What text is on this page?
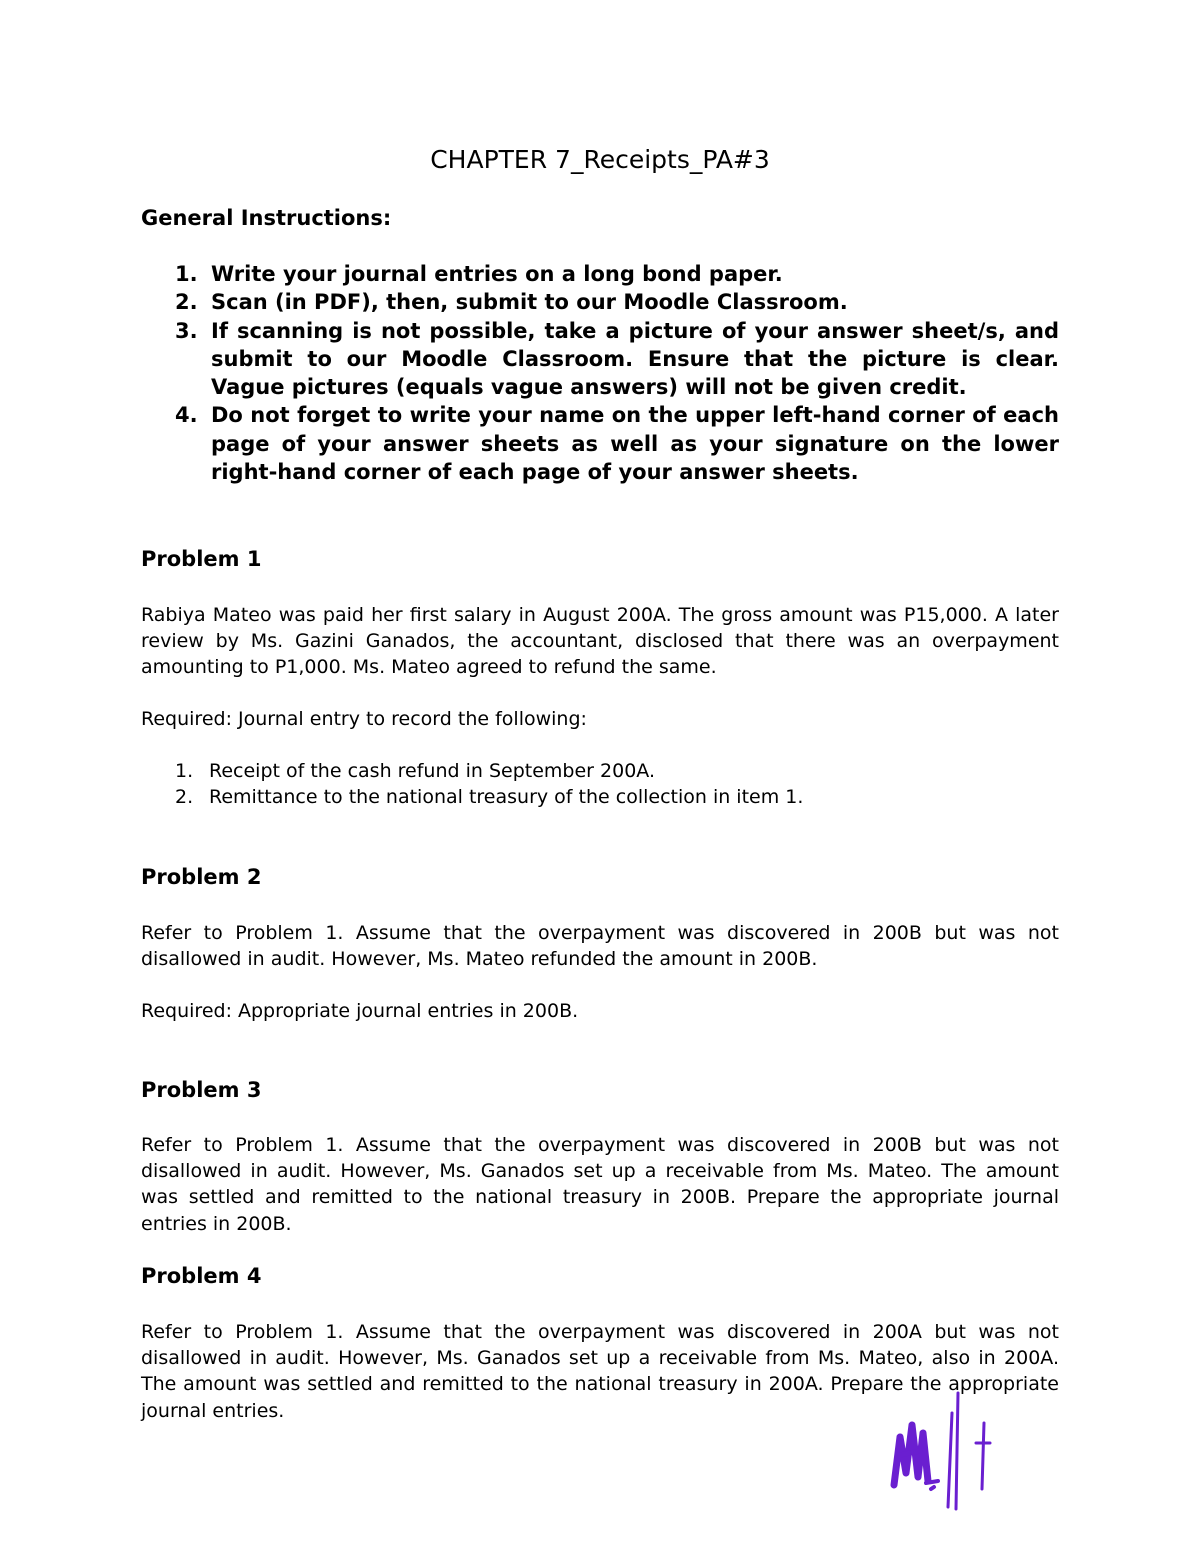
CHAPTER 7_Receipts_PA#3
General Instructions:
1. Write your journal entries on a long bond paper.
2. Scan (in PDF), then, submit to our Moodle Classroom.
3. If scanning is not possible, take a picture of your answer sheet/s, and submit to our Moodle Classroom. Ensure that the picture is clear. Vague pictures (equals vague answers) will not be given credit.
4. Do not forget to write your name on the upper left-hand corner of each page of your answer sheets as well as your signature on the lower right-hand corner of each page of your answer sheets.
Problem 1
Rabiya Mateo was paid her first salary in August 200A. The gross amount was P15,000. A later review by Ms. Gazini Ganados, the accountant, disclosed that there was an overpayment amounting to P1,000. Ms. Mateo agreed to refund the same.
Required: Journal entry to record the following:
1. Receipt of the cash refund in September 200A.
2. Remittance to the national treasury of the collection in item 1.
Problem 2
Refer to Problem 1. Assume that the overpayment was discovered in 200B but was not disallowed in audit. However, Ms. Mateo refunded the amount in 200B.
Required: Appropriate journal entries in 200B.
Problem 3
Refer to Problem 1. Assume that the overpayment was discovered in 200B but was not disallowed in audit. However, Ms. Ganados set up a receivable from Ms. Mateo. The amount was settled and remitted to the national treasury in 200B. Prepare the appropriate journal entries in 200B.
Problem 4
Refer to Problem 1. Assume that the overpayment was discovered in 200A but was not disallowed in audit. However, Ms. Ganados set up a receivable from Ms. Mateo, also in 200A. The amount was settled and remitted to the national treasury in 200A. Prepare the appropriate journal entries.
